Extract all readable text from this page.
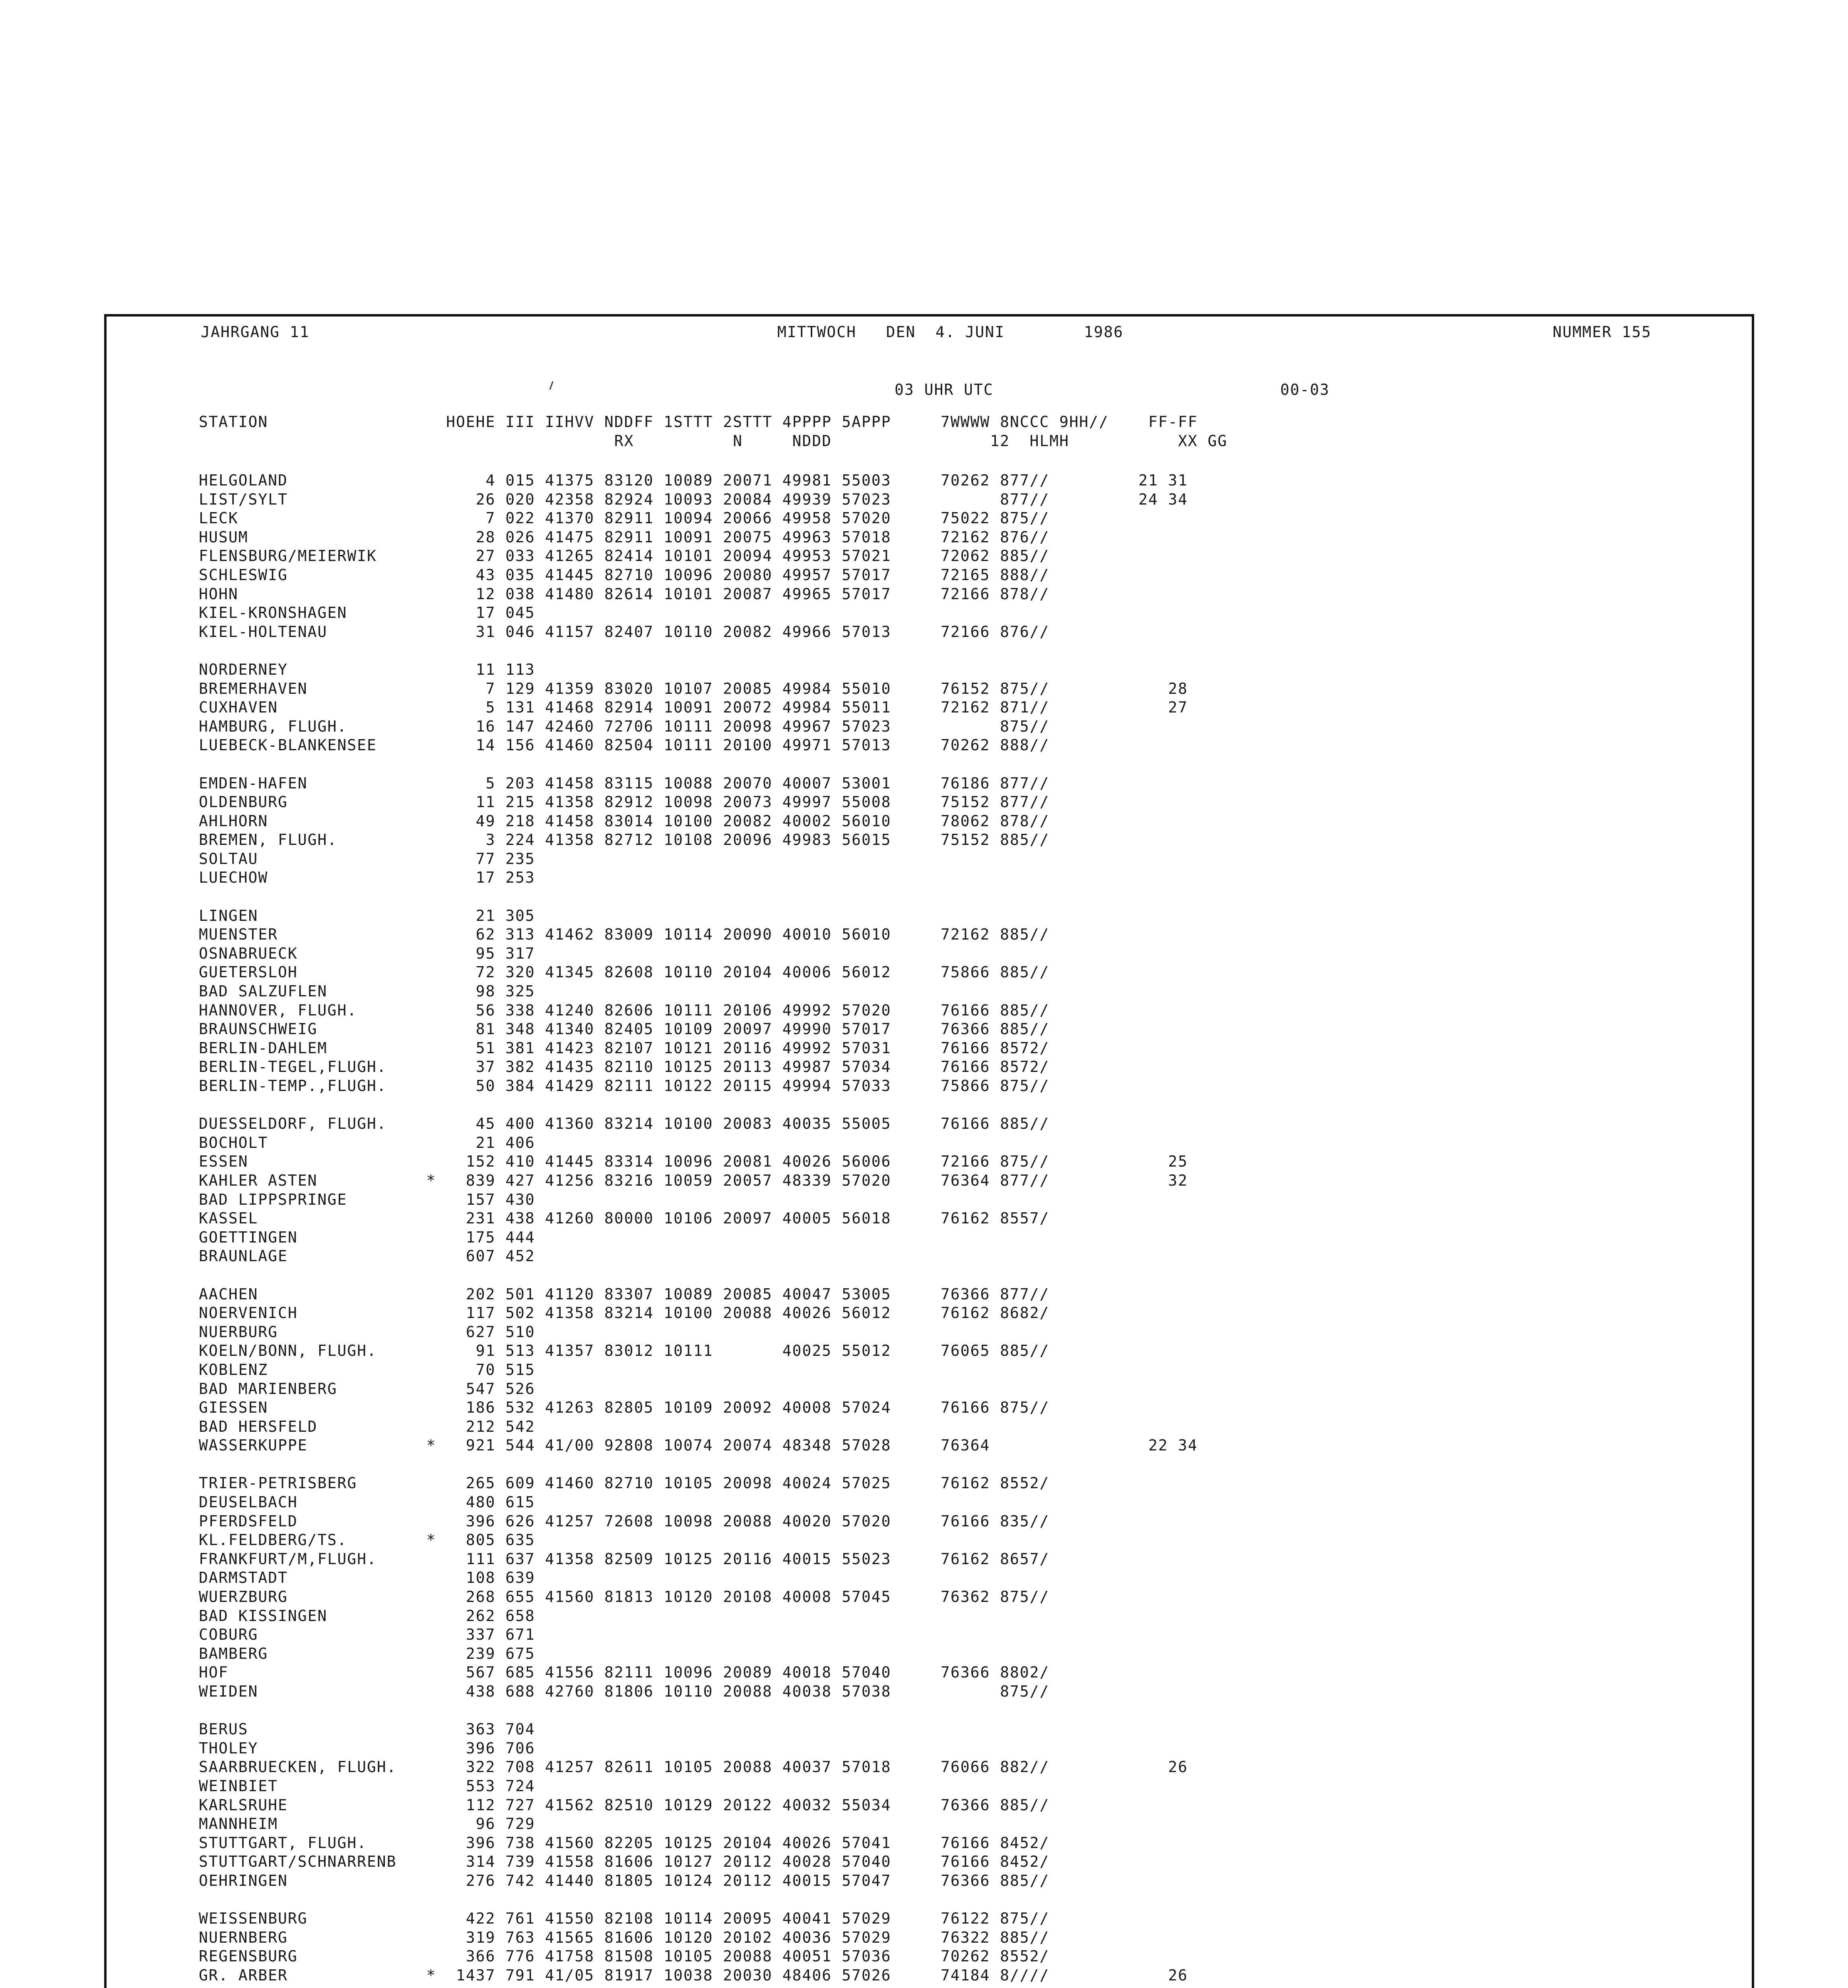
JAHRGANG 11	MITTWOCH   DEN  4. JUNI        1986	NUMMER 155
03 UHR UTC	00-03
STATION                  HOEHE III IIHVV NDDFF 1STTT 2STTT 4PPPP 5APPP     7WWWW 8NCCC 9HH//    FF-FF
RX          N     NDDD                12  HLMH           XX GG
HELGOLAND                    4 015 41375 83120 10089 20071 49981 55003     70262 877//         21 31
LIST/SYLT                   26 020 42358 82924 10093 20084 49939 57023           877//         24 34
LECK                         7 022 41370 82911 10094 20066 49958 57020     75022 875//
HUSUM                       28 026 41475 82911 10091 20075 49963 57018     72162 876//
FLENSBURG/MEIERWIK          27 033 41265 82414 10101 20094 49953 57021     72062 885//
SCHLESWIG                   43 035 41445 82710 10096 20080 49957 57017     72165 888//
HOHN                        12 038 41480 82614 10101 20087 49965 57017     72166 878//
KIEL-KRONSHAGEN             17 045
KIEL-HOLTENAU               31 046 41157 82407 10110 20082 49966 57013     72166 876//
NORDERNEY                   11 113
BREMERHAVEN                  7 129 41359 83020 10107 20085 49984 55010     76152 875//            28
CUXHAVEN                     5 131 41468 82914 10091 20072 49984 55011     72162 871//            27
HAMBURG, FLUGH.             16 147 42460 72706 10111 20098 49967 57023           875//
LUEBECK-BLANKENSEE          14 156 41460 82504 10111 20100 49971 57013     70262 888//
EMDEN-HAFEN                  5 203 41458 83115 10088 20070 40007 53001     76186 877//
OLDENBURG                   11 215 41358 82912 10098 20073 49997 55008     75152 877//
AHLHORN                     49 218 41458 83014 10100 20082 40002 56010     78062 878//
BREMEN, FLUGH.               3 224 41358 82712 10108 20096 49983 56015     75152 885//
SOLTAU                      77 235
LUECHOW                     17 253
LINGEN                      21 305
MUENSTER                    62 313 41462 83009 10114 20090 40010 56010     72162 885//
OSNABRUECK                  95 317
GUETERSLOH                  72 320 41345 82608 10110 20104 40006 56012     75866 885//
BAD SALZUFLEN               98 325
HANNOVER, FLUGH.            56 338 41240 82606 10111 20106 49992 57020     76166 885//
BRAUNSCHWEIG                81 348 41340 82405 10109 20097 49990 57017     76366 885//
BERLIN-DAHLEM               51 381 41423 82107 10121 20116 49992 57031     76166 8572/
BERLIN-TEGEL,FLUGH.         37 382 41435 82110 10125 20113 49987 57034     76166 8572/
BERLIN-TEMP.,FLUGH.         50 384 41429 82111 10122 20115 49994 57033     75866 875//
DUESSELDORF, FLUGH.         45 400 41360 83214 10100 20083 40035 55005     76166 885//
BOCHOLT                     21 406
ESSEN                      152 410 41445 83314 10096 20081 40026 56006     72166 875//            25
KAHLER ASTEN           *   839 427 41256 83216 10059 20057 48339 57020     76364 877//            32
BAD LIPPSPRINGE            157 430
KASSEL                     231 438 41260 80000 10106 20097 40005 56018     76162 8557/
GOETTINGEN                 175 444
BRAUNLAGE                  607 452
AACHEN                     202 501 41120 83307 10089 20085 40047 53005     76366 877//
NOERVENICH                 117 502 41358 83214 10100 20088 40026 56012     76162 8682/
NUERBURG                   627 510
KOELN/BONN, FLUGH.          91 513 41357 83012 10111       40025 55012     76065 885//
KOBLENZ                     70 515
BAD MARIENBERG             547 526
GIESSEN                    186 532 41263 82805 10109 20092 40008 57024     76166 875//
BAD HERSFELD               212 542
WASSERKUPPE            *   921 544 41/00 92808 10074 20074 48348 57028     76364                22 34
TRIER-PETRISBERG           265 609 41460 82710 10105 20098 40024 57025     76162 8552/
DEUSELBACH                 480 615
PFERDSFELD                 396 626 41257 72608 10098 20088 40020 57020     76166 835//
KL.FELDBERG/TS.        *   805 635
FRANKFURT/M,FLUGH.         111 637 41358 82509 10125 20116 40015 55023     76162 8657/
DARMSTADT                  108 639
WUERZBURG                  268 655 41560 81813 10120 20108 40008 57045     76362 875//
BAD KISSINGEN              262 658
COBURG                     337 671
BAMBERG                    239 675
HOF                        567 685 41556 82111 10096 20089 40018 57040     76366 8802/
WEIDEN                     438 688 42760 81806 10110 20088 40038 57038           875//
BERUS                      363 704
THOLEY                     396 706
SAARBRUECKEN, FLUGH.       322 708 41257 82611 10105 20088 40037 57018     76066 882//            26
WEINBIET                   553 724
KARLSRUHE                  112 727 41562 82510 10129 20122 40032 55034     76366 885//
MANNHEIM                    96 729
STUTTGART, FLUGH.          396 738 41560 82205 10125 20104 40026 57041     76166 8452/
STUTTGART/SCHNARRENB       314 739 41558 81606 10127 20112 40028 57040     76166 8452/
OEHRINGEN                  276 742 41440 81805 10124 20112 40015 57047     76366 885//
WEISSENBURG                422 761 41550 82108 10114 20095 40041 57029     76122 875//
NUERNBERG                  319 763 41565 81606 10120 20102 40036 57029     76322 885//
REGENSBURG                 366 776 41758 81508 10105 20088 40051 57036     70262 8552/
GR. ARBER              *  1437 791 41/05 81917 10038 20030 48406 57026     74184 8////            26
